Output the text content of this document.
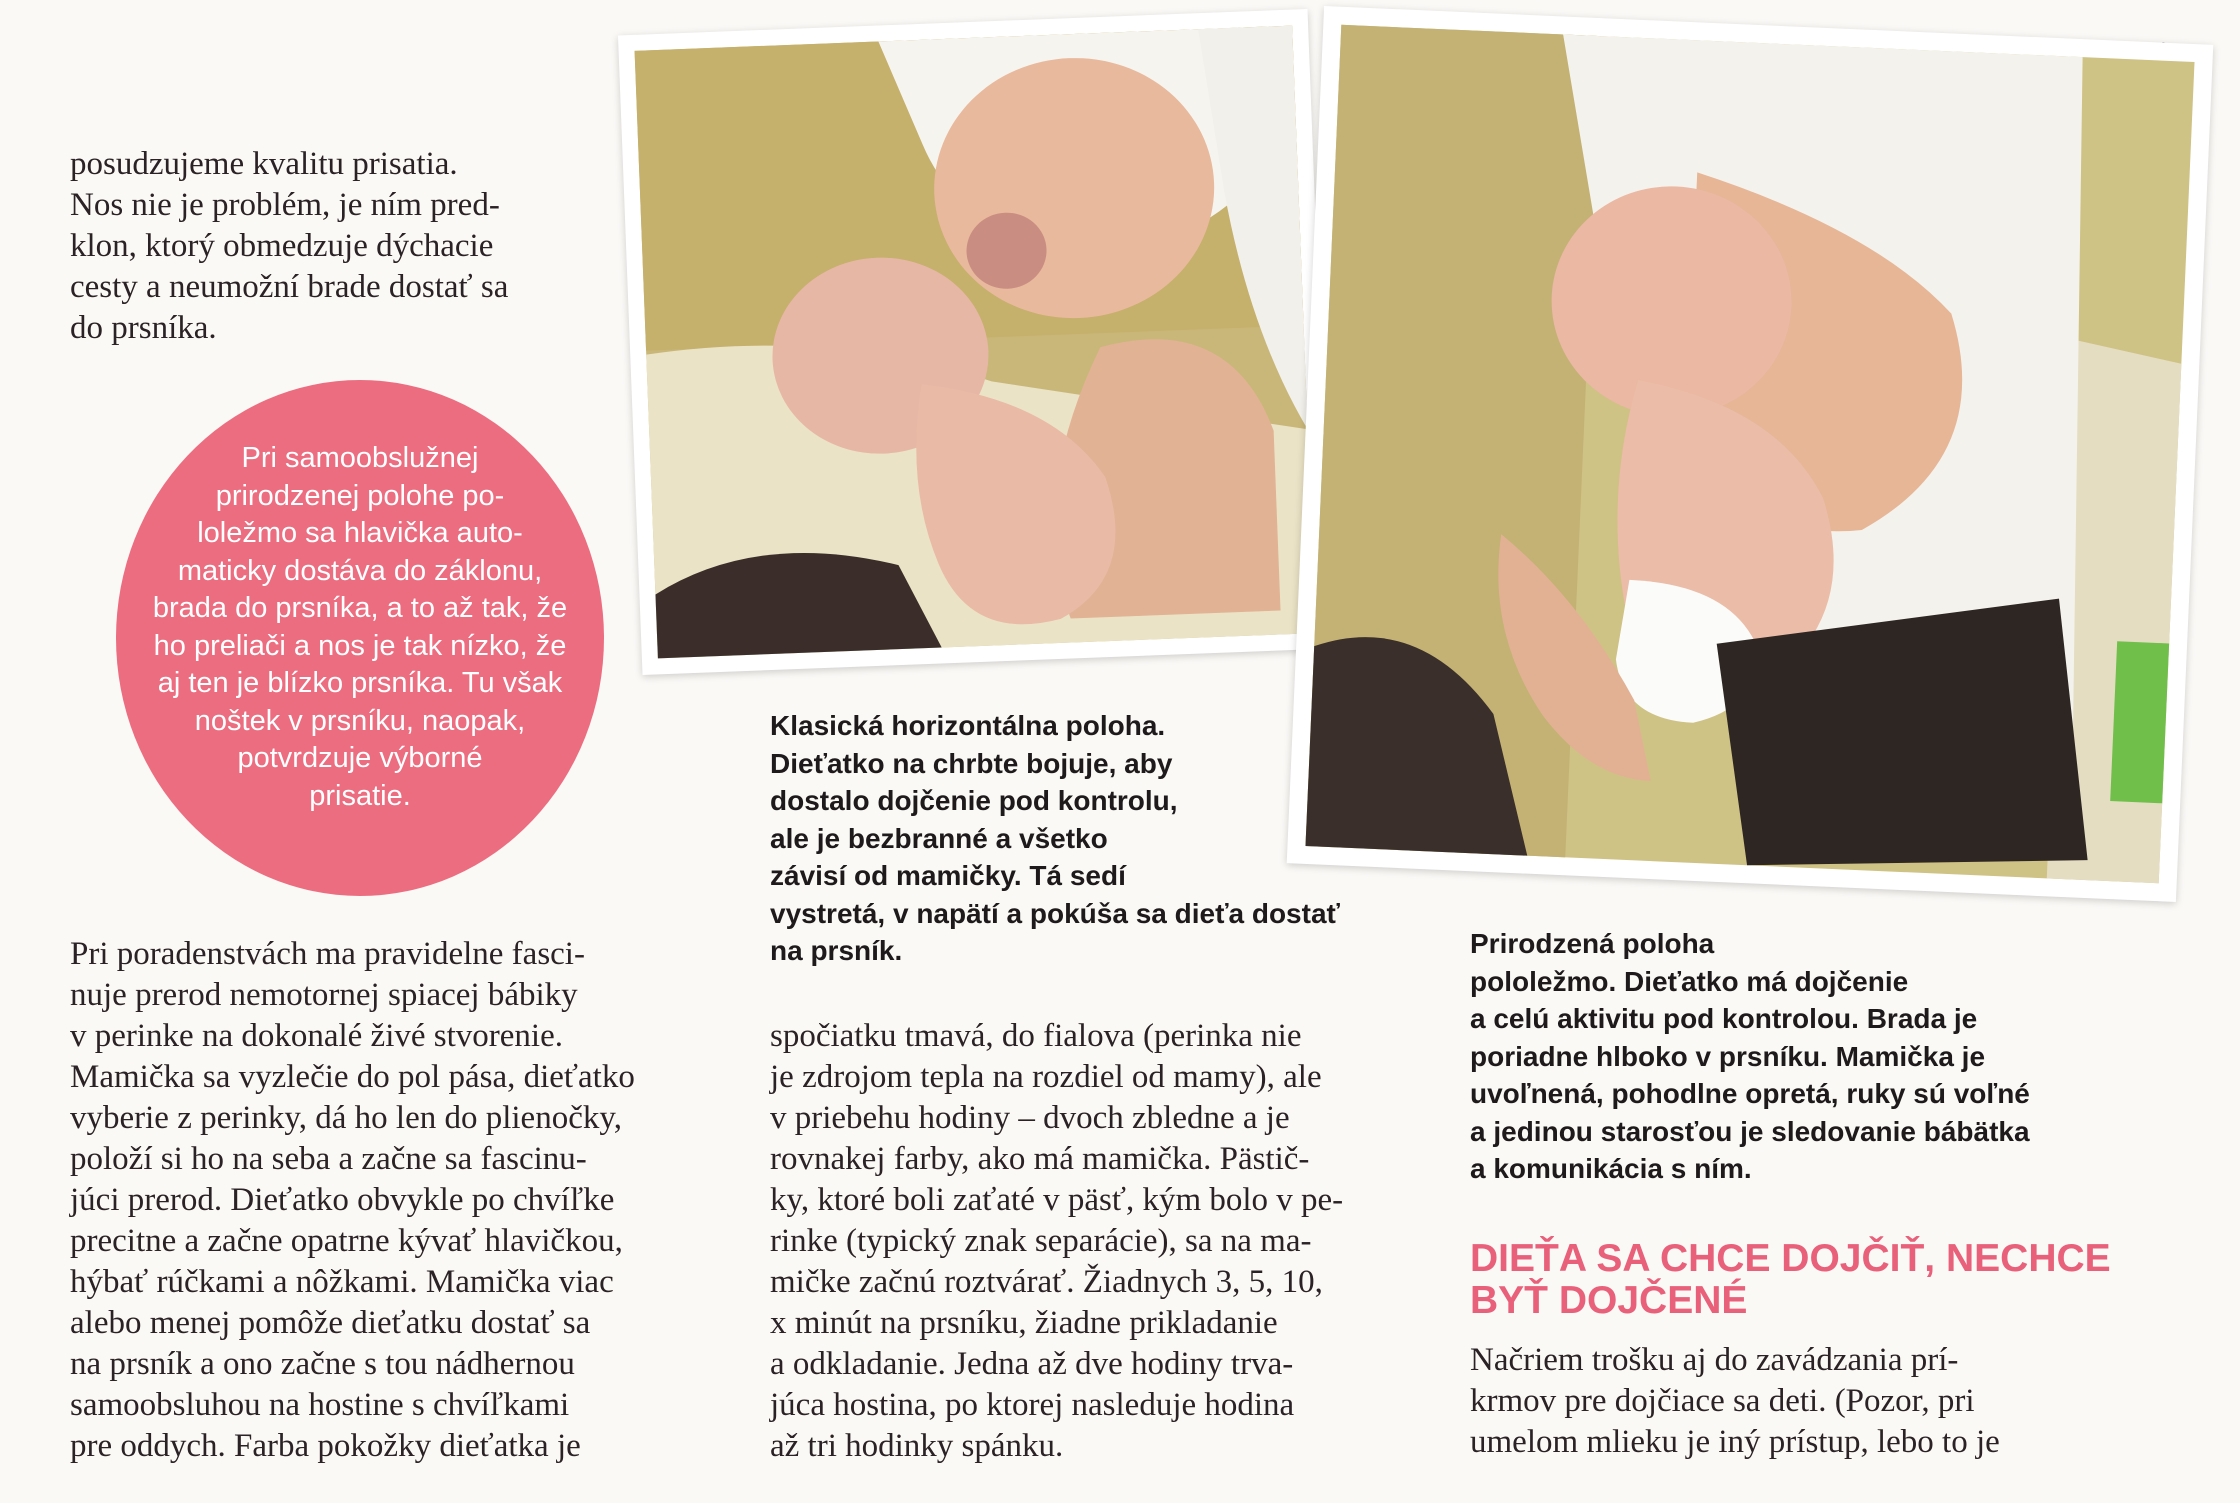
posudzujeme kvalitu prisatia.
Nos nie je problém, je ním pred-
klon, ktorý obmedzuje dýchacie
cesty a neumožní brade dostať sa
do prsníka.
Pri samoobslužnej
prirodzenej polohe po-
loležmo sa hlavička auto-
maticky dostáva do záklonu,
brada do prsníka, a to až tak, že
ho preliači a nos je tak nízko, že
aj ten je blízko prsníka. Tu však
noštek v prsníku, naopak,
potvrdzuje výborné
prisatie.
Pri poradenstvách ma pravidelne fasci-
nuje prerod nemotornej spiacej bábiky
v perinke na dokonalé živé stvorenie.
Mamička sa vyzlečie do pol pása, dieťatko
vyberie z perinky, dá ho len do plienočky,
položí si ho na seba a začne sa fascinu-
júci prerod. Dieťatko obvykle po chvíľke
precitne a začne opatrne kývať hlavičkou,
hýbať rúčkami a nôžkami. Mamička viac
alebo menej pomôže dieťatku dostať sa
na prsník a ono začne s tou nádhernou
samoobsluhou na hostine s chvíľkami
pre oddych. Farba pokožky dieťatka je
Klasická horizontálna poloha.
Dieťatko na chrbte bojuje, aby
dostalo dojčenie pod kontrolu,
ale je bezbranné a všetko
závisí od mamičky. Tá sedí
vystretá, v napätí a pokúša sa dieťa dostať
na prsník.
spočiatku tmavá, do fialova (perinka nie
je zdrojom tepla na rozdiel od mamy), ale
v priebehu hodiny – dvoch zbledne a je
rovnakej farby, ako má mamička. Pästič-
ky, ktoré boli zaťaté v päsť, kým bolo v pe-
rinke (typický znak separácie), sa na ma-
mičke začnú roztvárať. Žiadnych 3, 5, 10,
x minút na prsníku, žiadne prikladanie
a odkladanie. Jedna až dve hodiny trva-
júca hostina, po ktorej nasleduje hodina
až tri hodinky spánku.
Prirodzená poloha
pololežmo. Dieťatko má dojčenie
a celú aktivitu pod kontrolou. Brada je
poriadne hlboko v prsníku. Mamička je
uvoľnená, pohodlne opretá, ruky sú voľné
a jedinou starosťou je sledovanie bábätka
a komunikácia s ním.
DIEŤA SA CHCE DOJČIŤ, NECHCE
BYŤ DOJČENÉ
Načriem trošku aj do zavádzania prí-
krmov pre dojčiace sa deti. (Pozor, pri
umelom mlieku je iný prístup, lebo to je
